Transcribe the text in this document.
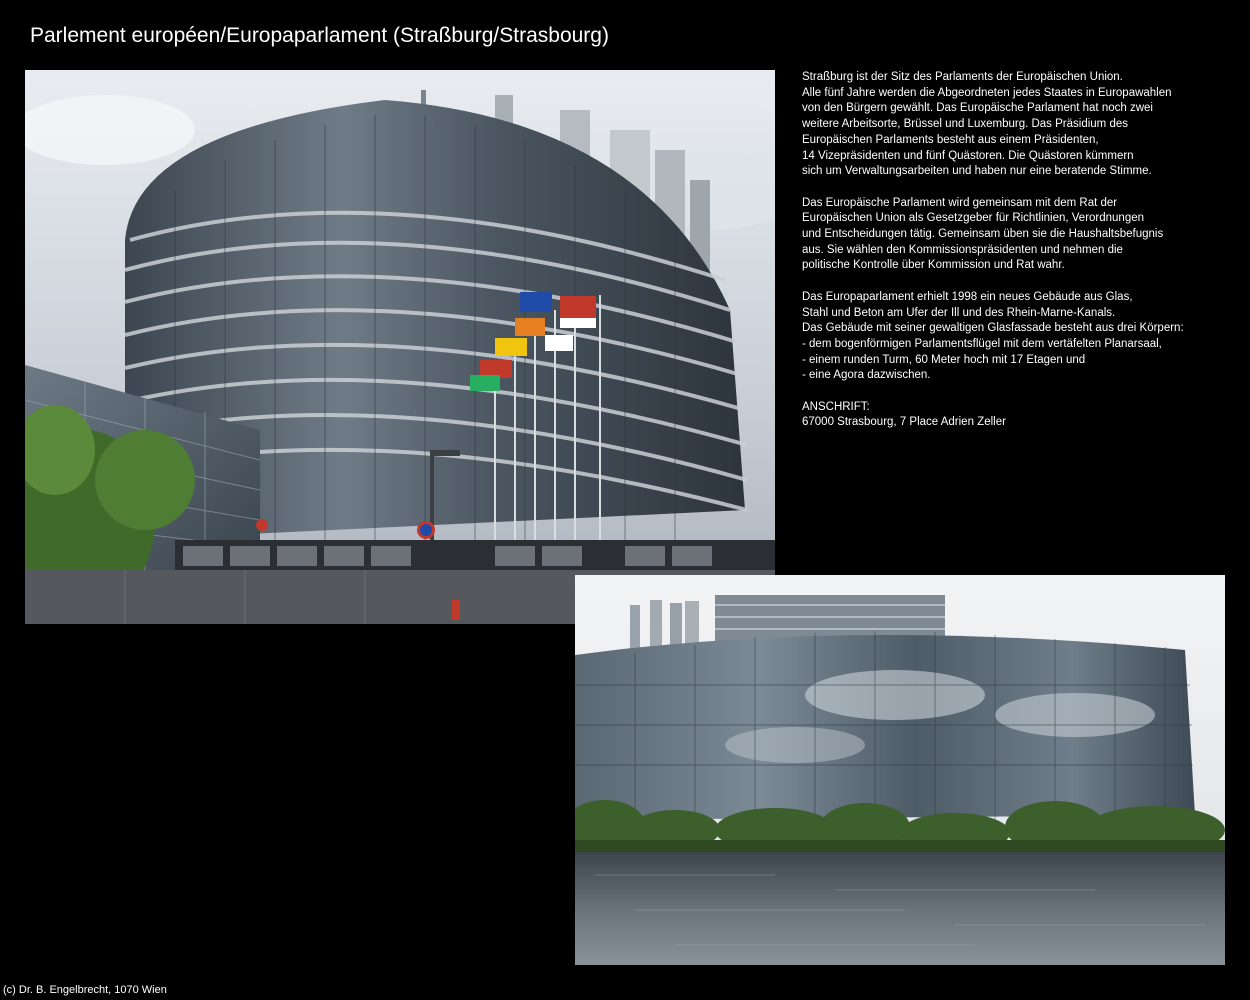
Parlement européen/Europaparlament (Straßburg/Strasbourg)

Straßburg ist der Sitz des Parlaments der Europäischen Union.
Alle fünf Jahre werden die Abgeordneten jedes Staates in Europawahlen
von den Bürgern gewählt. Das Europäische Parlament hat noch zwei
weitere Arbeitsorte, Brüssel und Luxemburg. Das Präsidium des
Europäischen Parlaments besteht aus einem Präsidenten,
14 Vizepräsidenten und fünf Quästoren. Die Quästoren kümmern
sich um Verwaltungsarbeiten und haben nur eine beratende Stimme.

Das Europäische Parlament wird gemeinsam mit dem Rat der
Europäischen Union als Gesetzgeber für Richtlinien, Verordnungen
und Entscheidungen tätig. Gemeinsam üben sie die Haushaltsbefugnis
aus. Sie wählen den Kommissionspräsidenten und nehmen die
politische Kontrolle über Kommission und Rat wahr.

Das Europaparlament erhielt 1998 ein neues Gebäude aus Glas,
Stahl und Beton am Ufer der Ill und des Rhein-Marne-Kanals.
Das Gebäude mit seiner gewaltigen Glasfassade besteht aus drei Körpern:
- dem bogenförmigen Parlamentsflügel mit dem vertäfelten Planarsaal,
- einem runden Turm, 60 Meter hoch mit 17 Etagen und
- eine Agora dazwischen.

ANSCHRIFT:
67000 Strasbourg, 7 Place Adrien Zeller

(c) Dr. B. Engelbrecht, 1070 Wien
